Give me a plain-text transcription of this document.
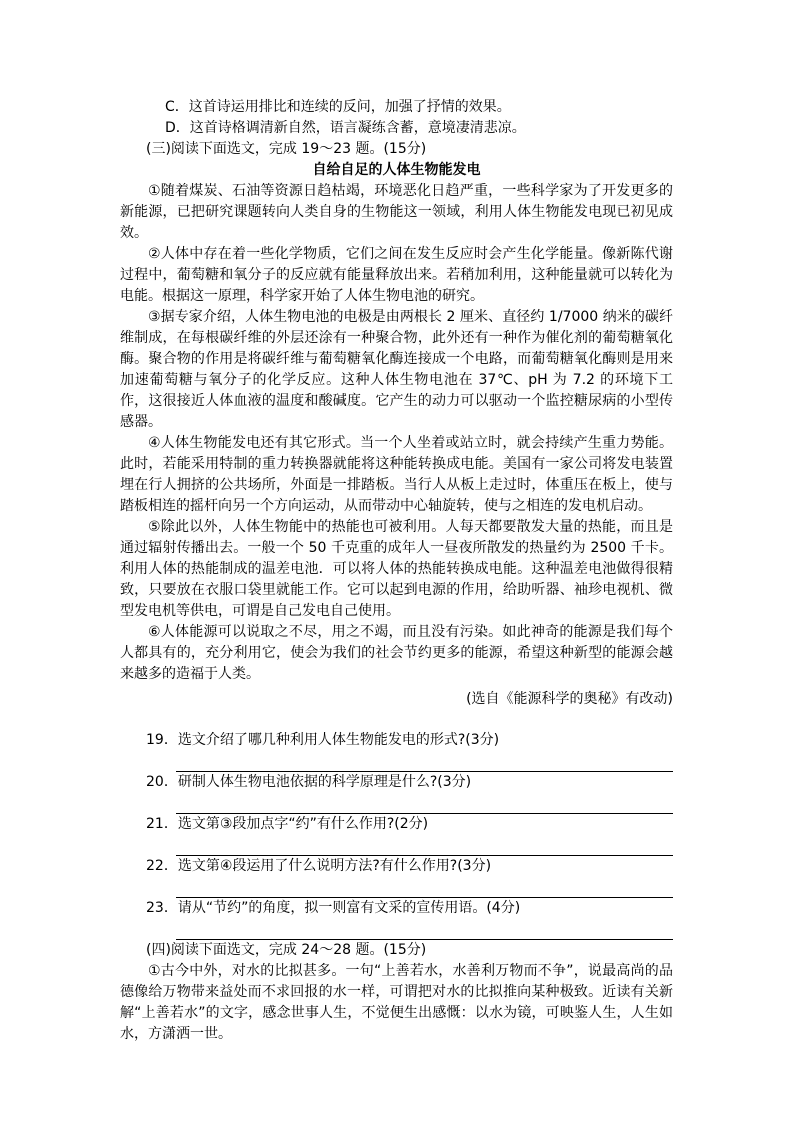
C．这首诗运用排比和连续的反问，加强了抒情的效果。
D．这首诗格调清新自然，语言凝练含蓄，意境凄清悲凉。
(三)阅读下面选文，完成 19～23 题。(15分)
自给自足的人体生物能发电

①随着煤炭、石油等资源日趋枯竭，环境恶化日趋严重，一些科学家为了开发更多的新能源，已把研究课题转向人类自身的生物能这一领域，利用人体生物能发电现已初见成效。

②人体中存在着一些化学物质，它们之间在发生反应时会产生化学能量。像新陈代谢过程中，葡萄糖和氧分子的反应就有能量释放出来。若稍加利用，这种能量就可以转化为电能。根据这一原理，科学家开始了人体生物电池的研究。

③据专家介绍，人体生物电池的电极是由两根长 2 厘米、直径约 1/7000 纳米的碳纤维制成，在每根碳纤维的外层还涂有一种聚合物，此外还有一种作为催化剂的葡萄糖氧化酶。聚合物的作用是将碳纤维与葡萄糖氧化酶连接成一个电路，而葡萄糖氧化酶则是用来加速葡萄糖与氧分子的化学反应。这种人体生物电池在 37℃、pH 为 7.2 的环境下工作，这很接近人体血液的温度和酸碱度。它产生的动力可以驱动一个监控糖尿病的小型传感器。

④人体生物能发电还有其它形式。当一个人坐着或站立时，就会持续产生重力势能。此时，若能采用特制的重力转换器就能将这种能转换成电能。美国有一家公司将发电装置埋在行人拥挤的公共场所，外面是一排踏板。当行人从板上走过时，体重压在板上，使与踏板相连的摇杆向另一个方向运动，从而带动中心轴旋转，使与之相连的发电机启动。

⑤除此以外，人体生物能中的热能也可被利用。人每天都要散发大量的热能，而且是通过辐射传播出去。一般一个 50 千克重的成年人一昼夜所散发的热量约为 2500 千卡。利用人体的热能制成的温差电池．可以将人体的热能转换成电能。这种温差电池做得很精致，只要放在衣服口袋里就能工作。它可以起到电源的作用，给助听器、袖珍电视机、微型发电机等供电，可谓是自己发电自己使用。

⑥人体能源可以说取之不尽，用之不竭，而且没有污染。如此神奇的能源是我们每个人都具有的，充分利用它，使会为我们的社会节约更多的能源，希望这种新型的能源会越来越多的造福于人类。

(选自《能源科学的奥秘》有改动)
19．选文介绍了哪几种利用人体生物能发电的形式?(3分)
20．研制人体生物电池依据的科学原理是什么?(3分)
21．选文第③段加点字“约”有什么作用?(2分)
22．选文第④段运用了什么说明方法?有什么作用?(3分)
23．请从“节约”的角度，拟一则富有文采的宣传用语。(4分)
(四)阅读下面选文，完成 24～28 题。(15分)

①古今中外，对水的比拟甚多。一句“上善若水，水善利万物而不争”，说最高尚的品德像给万物带来益处而不求回报的水一样，可谓把对水的比拟推向某种极致。近读有关新解“上善若水”的文字，感念世事人生，不觉便生出感慨：以水为镜，可映鉴人生，人生如水，方潇洒一世。
